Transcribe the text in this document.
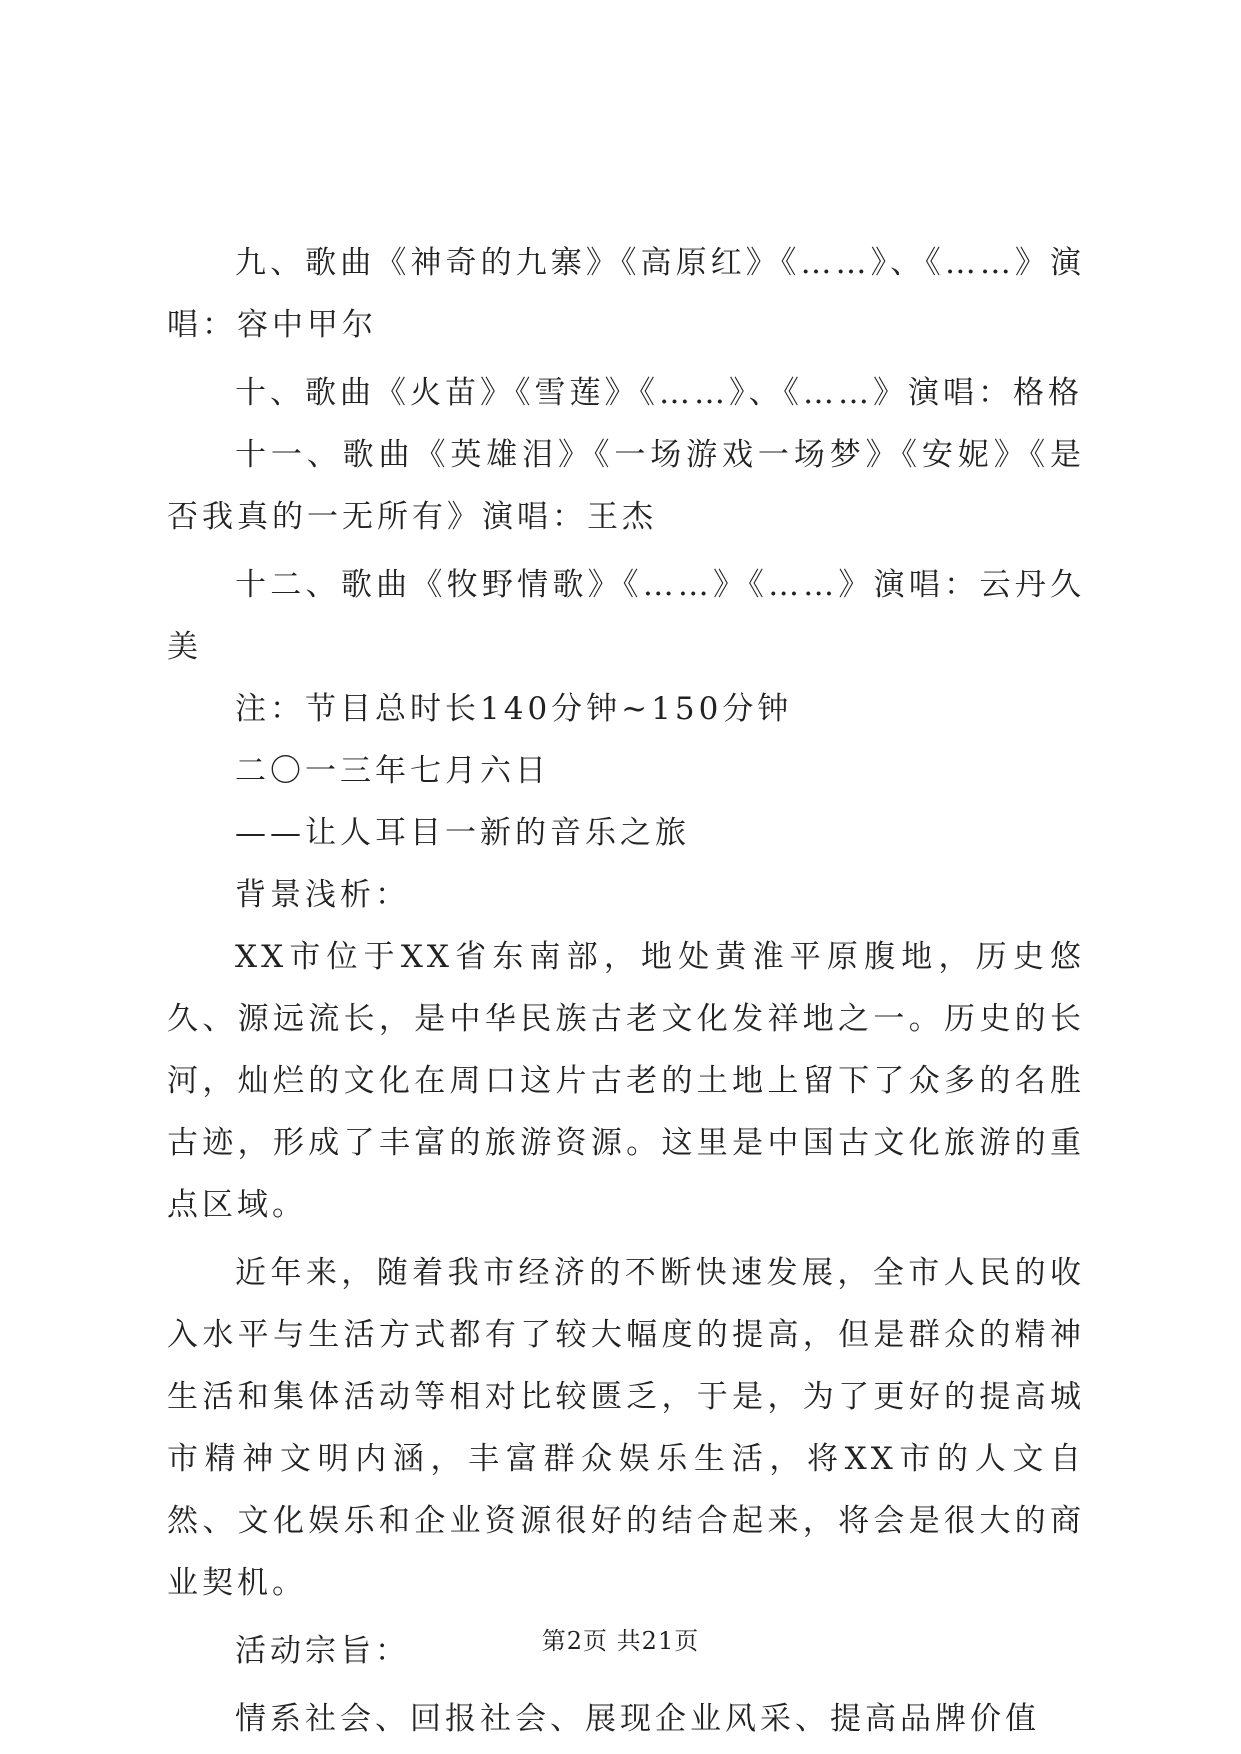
九、歌曲《神奇的九寨》《高原红》《……》、《……》演唱：容中甲尔

十、歌曲《火苗》《雪莲》《……》、《……》演唱：格格

十一、歌曲《英雄泪》《一场游戏一场梦》《安妮》《是否我真的一无所有》演唱：王杰

十二、歌曲《牧野情歌》《……》《……》演唱：云丹久美

注：节目总时长140分钟~150分钟

二〇一三年七月六日

——让人耳目一新的音乐之旅

背景浅析：

XX市位于XX省东南部，地处黄淮平原腹地，历史悠久、源远流长，是中华民族古老文化发祥地之一。历史的长河，灿烂的文化在周口这片古老的土地上留下了众多的名胜古迹，形成了丰富的旅游资源。这里是中国古文化旅游的重点区域。

近年来，随着我市经济的不断快速发展，全市人民的收入水平与生活方式都有了较大幅度的提高，但是群众的精神生活和集体活动等相对比较匮乏，于是，为了更好的提高城市精神文明内涵，丰富群众娱乐生活，将XX市的人文自然、文化娱乐和企业资源很好的结合起来，将会是很大的商业契机。

活动宗旨：

情系社会、回报社会、展现企业风采、提高品牌价值

第2页 共21页
